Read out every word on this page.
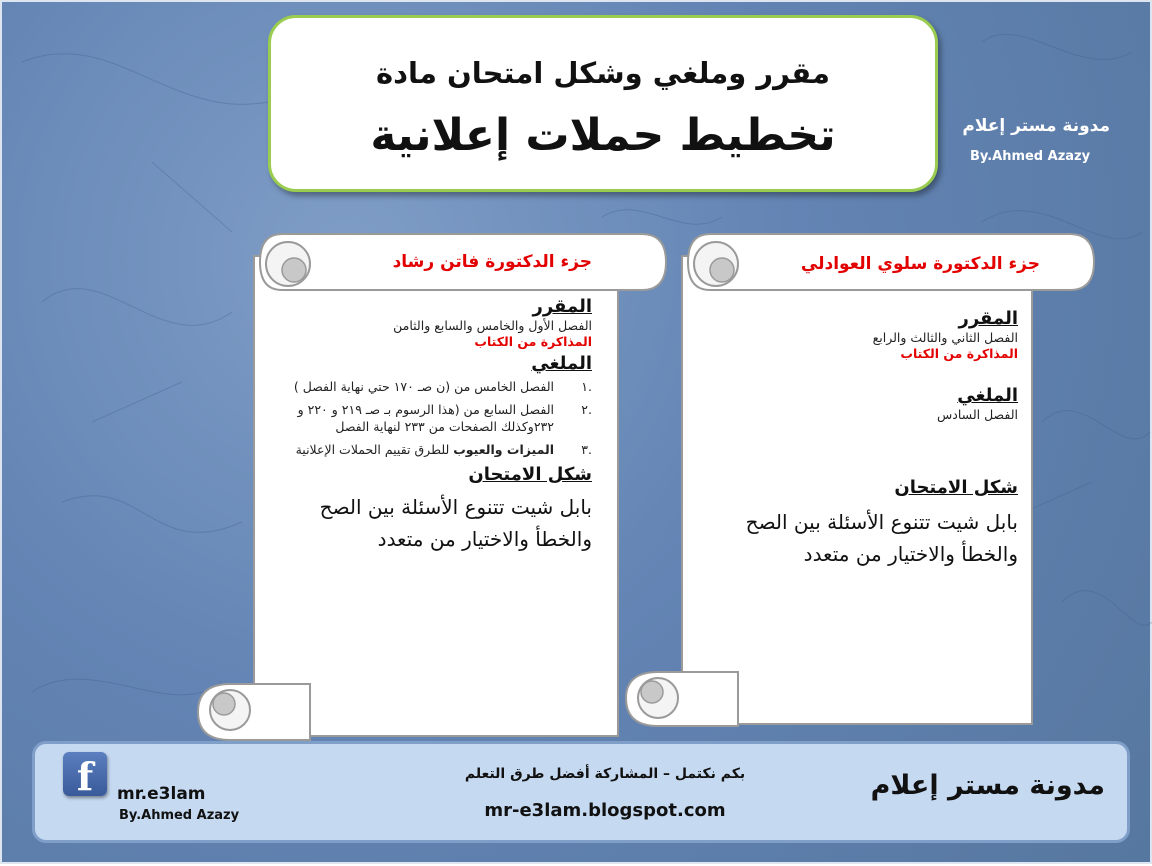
مقرر وملغي وشكل امتحان مادة
تخطيط حملات إعلانية	مدونة مستر إعلام
By.Ahmed Azazy
جزء الدكتورة فاتن رشاد
المقرر
الفصل الأول والخامس والسابع والثامن
المذاكرة من الكتاب
الملغي
.١
الفصل الخامس من (ن صـ ١٧٠ حتي نهاية الفصل )
.٢
الفصل السابع من (هذا الرسوم بـ صـ ٢١٩ و ٢٢٠ و ٢٣٢وكذلك الصفحات من ٢٣٣ لنهاية الفصل
.٣
الميزات والعيوب للطرق تقييم الحملات الإعلانية
شكل الامتحان
بابل شيت تتنوع الأسئلة بين الصح والخطأ والاختيار من متعدد
جزء الدكتورة سلوي العوادلي
المقرر
الفصل الثاني والثالث والرابع
المذاكرة من الكتاب
الملغي
الفصل السادس
شكل الامتحان
بابل شيت تتنوع الأسئلة بين الصح والخطأ والاختيار من متعدد
f	mr.e3lam
By.Ahmed Azazy
بكم نكتمل – المشاركة أفضل طرق التعلم
mr-e3lam.blogspot.com
مدونة مستر إعلام
